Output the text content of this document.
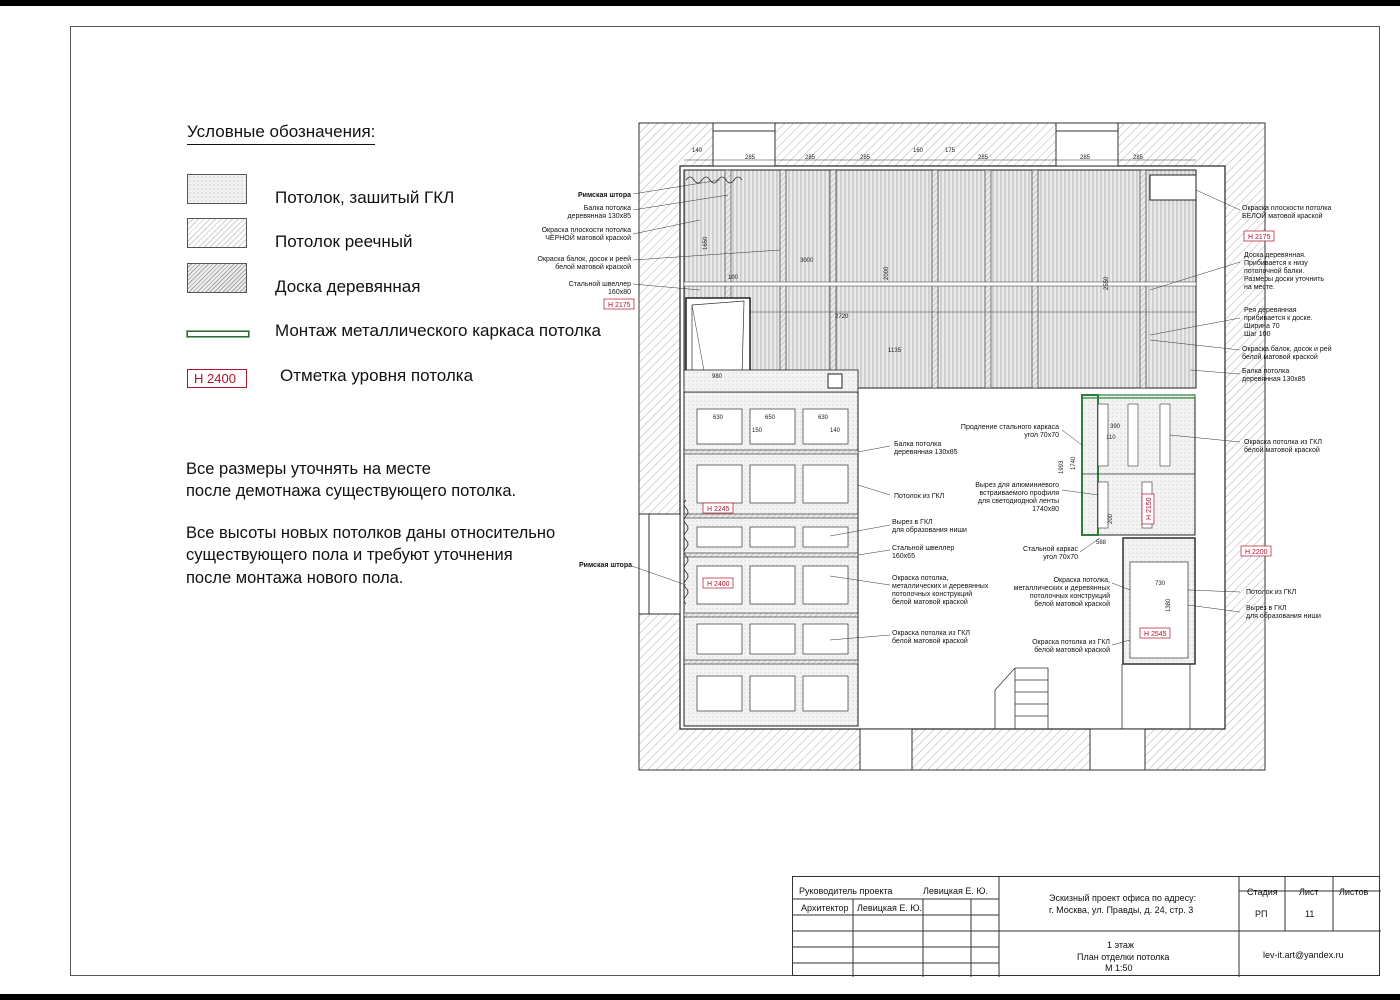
Условные обозначения:
Потолок, зашитый ГКЛ
Потолок реечный
Доска деревянная
Монтаж металлического каркаса потолка
Н 2400	Отметка уровня потолка
Все размеры уточнять на месте
после демотнажа существующего потолка.
Все высоты новых потолков даны относительно
существующего пола и требуют уточнения
после монтажа нового пола.
140
285	285	285
160	175
285	285	285
980
630	650	630
150	140
100
2720
1135
3000
2000
1993 1740
390
110
730
1380
588
200
2550
1650
Н 2175
Н 2175
Н 2245
Н 2400
Н 2150
Н 2200
Н 2545
Римская штора
Балка потолка
деревянная 130х85
Окраска плоскости потолка
ЧЁРНОЙ матовой краской
Окраска балок, досок и реей
белой матовой краской
Стальной швеллер
160х80
Римская штора
Окраска плоскости потолка
БЕЛОЙ матовой краской
Доска деревянная.
Прибивается к низу
потолочной балки.
Размеры доски уточнить
на месте.
Рея деревянная
прибивается к доске.
Ширина 70
Шаг 100
Окраска балок, досок и рей
белой матовой краской
Балка потолка
деревянная 130х85
Окраска потолка из ГКЛ
белой матовой краской
Потолок из ГКЛ
Вырез в ГКЛ
для образования ниши
Балка потолка
деревянная 130х85
Потолок из ГКЛ
Вырез в ГКЛ
для образования ниши
Стальной швеллер
160х65
Окраска потолка,
металлических и деревянных
потолочных конструкций
белой матовой краской
Окраска потолка из ГКЛ
белой матовой краской
Продление стального каркаса
угол 70х70
Вырез для алюминиевого
встраиваемого профиля
для светодиодной ленты
1740х80
Стальной каркас
угол 70х70
Окраска потолка,
металлических и деревянных
потолочных конструкций
белой матовой краской
Окраска потолка из ГКЛ
белой матовой краской
Руководитель проекта	Левицкая Е. Ю.
Архитектор Левицкая Е. Ю.
Эскизный проект офиса по адресу:
г. Москва, ул. Правды, д. 24, стр. 3
1 этаж
План отделки потолка
М 1:50
Стадия Лист Листов
РП	11
lev-it.art@yandex.ru
